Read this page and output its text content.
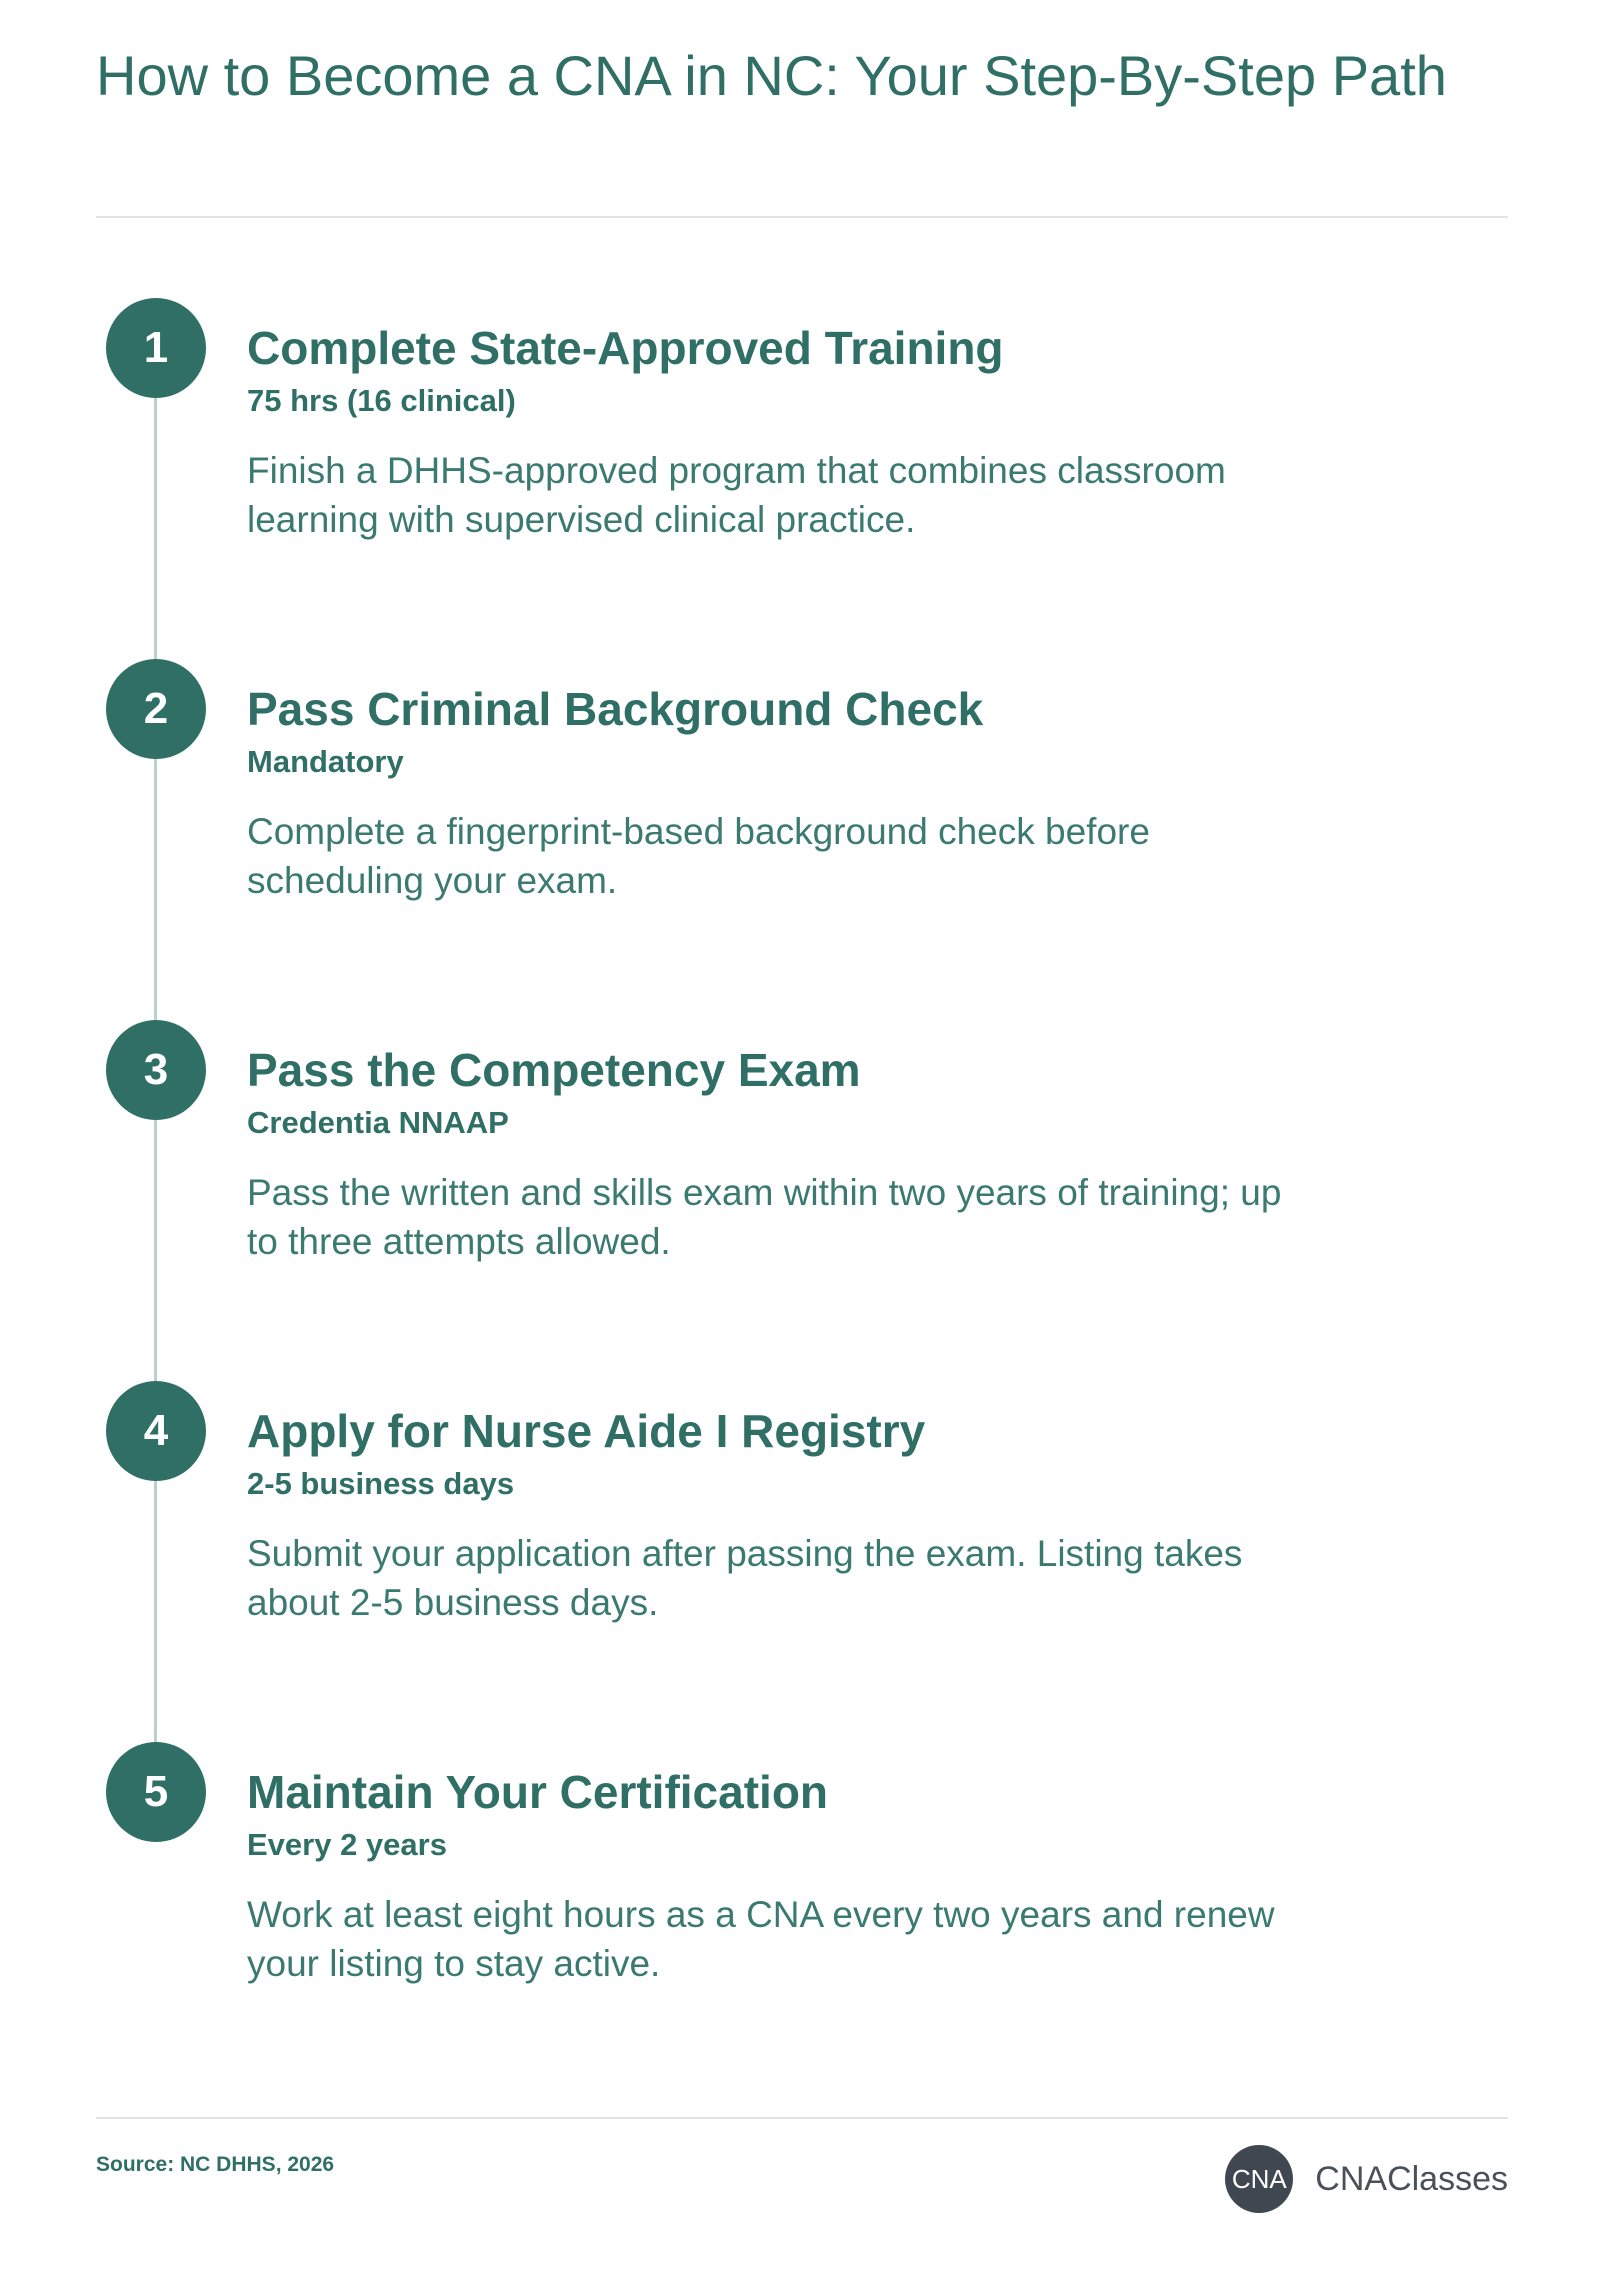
How to Become a CNA in NC: Your Step-By-Step Path
1	Complete State-Approved Training
75 hrs (16 clinical)
Finish a DHHS-approved program that combines classroom learning with supervised clinical practice.
2	Pass Criminal Background Check
Mandatory
Complete a fingerprint-based background check before scheduling your exam.
3	Pass the Competency Exam
Credentia NNAAP
Pass the written and skills exam within two years of training; up to three attempts allowed.
4	Apply for Nurse Aide I Registry
2-5 business days
Submit your application after passing the exam. Listing takes about 2-5 business days.
5	Maintain Your Certification
Every 2 years
Work at least eight hours as a CNA every two years and renew your listing to stay active.
Source: NC DHHS, 2026	CNA CNAClasses
